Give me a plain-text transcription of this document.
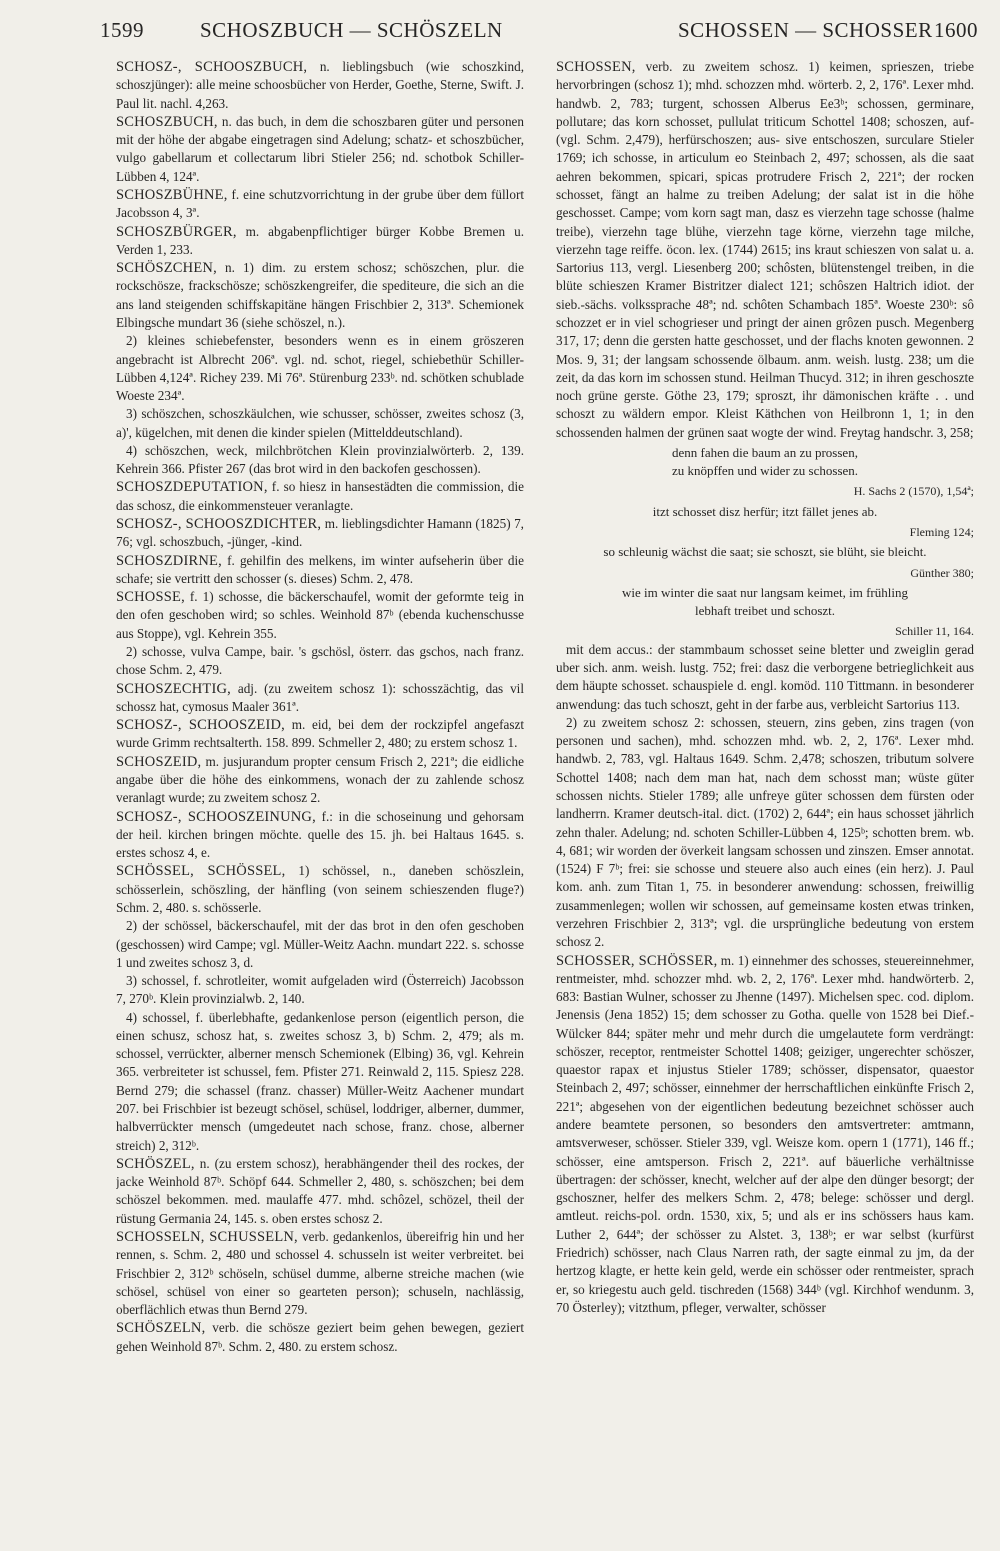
1599	SCHOSZBUCH — SCHÖSZELN	SCHOSSEN — SCHOSSER 1600

SCHOSZ-, SCHOOSZBUCH, n. lieblingsbuch (wie schoszkind, schoszjünger): alle meine schoosbücher von Herder, Goethe, Sterne, Swift. J. Paul lit. nachl. 4,263.

SCHOSZBUCH, n. das buch, in dem die schoszbaren güter und personen mit der höhe der abgabe eingetragen sind Adelung; schatz- et schoszbücher, vulgo gabellarum et collectarum libri Stieler 256; nd. schotbok Schiller-Lübben 4, 124ª.

SCHOSZBÜHNE, f. eine schutzvorrichtung in der grube über dem füllort Jacobsson 4, 3ª.

SCHOSZBÜRGER, m. abgabenpflichtiger bürger Kobbe Bremen u. Verden 1, 233.

SCHÖSZCHEN, n. 1) dim. zu erstem schosz; schöszchen, plur. die rockschösze, frackschösze; schöszkengreifer, die spediteure, die sich an die ans land steigenden schiffskapitäne hängen Frischbier 2, 313ª. Schemionek Elbingsche mundart 36 (siehe schöszel, n.).

2) kleines schiebefenster, besonders wenn es in einem gröszeren angebracht ist Albrecht 206ª. vgl. nd. schot, riegel, schiebethür Schiller-Lübben 4,124ª. Richey 239. Mi 76ª. Stürenburg 233ᵇ. nd. schötken schublade Woeste 234ª.

3) schöszchen, schoszkäulchen, wie schusser, schösser, zweites schosz (3, a)', kügelchen, mit denen die kinder spielen (Mittelddeutschland).

4) schöszchen, weck, milchbrötchen Klein provinzialwörterb. 2, 139. Kehrein 366. Pfister 267 (das brot wird in den backofen geschossen).

SCHOSZDEPUTATION, f. so hiesz in hansestädten die commission, die das schosz, die einkommensteuer veranlagte.

SCHOSZ-, SCHOOSZDICHTER, m. lieblingsdichter Hamann (1825) 7, 76; vgl. schoszbuch, -jünger, -kind.

SCHOSZDIRNE, f. gehilfin des melkens, im winter aufseherin über die schafe; sie vertritt den schosser (s. dieses) Schm. 2, 478.

SCHOSSE, f. 1) schosse, die bäckerschaufel, womit der geformte teig in den ofen geschoben wird; so schles. Weinhold 87ᵇ (ebenda kuchenschusse aus Stoppe), vgl. Kehrein 355.

2) schosse, vulva Campe, bair. 's gschösl, österr. das gschos, nach franz. chose Schm. 2, 479.

SCHOSZECHTIG, adj. (zu zweitem schosz 1): schosszächtig, das vil schossz hat, cymosus Maaler 361ª.

SCHOSZ-, SCHOOSZEID, m. eid, bei dem der rockzipfel angefaszt wurde Grimm rechtsalterth. 158. 899. Schmeller 2, 480; zu erstem schosz 1.

SCHOSZEID, m. jusjurandum propter censum Frisch 2, 221ª; die eidliche angabe über die höhe des einkommens, wonach der zu zahlende schosz veranlagt wurde; zu zweitem schosz 2.

SCHOSZ-, SCHOOSZEINUNG, f.: in die schoseinung und gehorsam der heil. kirchen bringen möchte. quelle des 15. jh. bei Haltaus 1645. s. erstes schosz 4, e.

SCHÖSSEL, SCHÖSSEL, 1) schössel, n., daneben schöszlein, schösserlein, schöszling, der hänfling (von seinem schieszenden fluge?) Schm. 2, 480. s. schösserle.

2) der schössel, bäckerschaufel, mit der das brot in den ofen geschoben (geschossen) wird Campe; vgl. Müller-Weitz Aachn. mundart 222. s. schosse 1 und zweites schosz 3, d.

3) schossel, f. schrotleiter, womit aufgeladen wird (Österreich) Jacobsson 7, 270ᵇ. Klein provinzialwb. 2, 140.

4) schossel, f. überlebhafte, gedankenlose person (eigentlich person, die einen schusz, schosz hat, s. zweites schosz 3, b) Schm. 2, 479; als m. schossel, verrückter, alberner mensch Schemionek (Elbing) 36, vgl. Kehrein 365. verbreiteter ist schussel, fem. Pfister 271. Reinwald 2, 115. Spiesz 228. Bernd 279; die schassel (franz. chasser) Müller-Weitz Aachener mundart 207. bei Frischbier ist bezeugt schösel, schüsel, loddriger, alberner, dummer, halbverrückter mensch (umgedeutet nach schose, franz. chose, alberner streich) 2, 312ᵇ.

SCHÖSZEL, n. (zu erstem schosz), herabhängender theil des rockes, der jacke Weinhold 87ᵇ. Schöpf 644. Schmeller 2, 480, s. schöszchen; bei dem schöszel bekommen. med. maulaffe 477. mhd. schôzel, schözel, theil der rüstung Germania 24, 145. s. oben erstes schosz 2.

SCHOSSELN, SCHUSSELN, verb. gedankenlos, übereifrig hin und her rennen, s. Schm. 2, 480 und schossel 4. schusseln ist weiter verbreitet. bei Frischbier 2, 312ᵇ schöseln, schüsel dumme, alberne streiche machen (wie schösel, schüsel von einer so gearteten person); schuseln, nachlässig, oberflächlich etwas thun Bernd 279.

SCHÖSZELN, verb. die schösze geziert beim gehen bewegen, geziert gehen Weinhold 87ᵇ. Schm. 2, 480. zu erstem schosz.

SCHOSSEN, verb. zu zweitem schosz. 1) keimen, sprieszen, triebe hervorbringen (schosz 1); mhd. schozzen mhd. wörterb. 2, 2, 176ª. Lexer mhd. handwb. 2, 783; turgent, schossen Alberus Ee3ᵇ; schossen, germinare, pollutare; das korn schosset, pullulat triticum Schottel 1408; schoszen, auf- (vgl. Schm. 2,479), herfürschoszen; aus- sive entschoszen, surculare Stieler 1769; ich schosse, in articulum eo Steinbach 2, 497; schossen, als die saat aehren bekommen, spicari, spicas protrudere Frisch 2, 221ª; der rocken schosset, fängt an halme zu treiben Adelung; der salat ist in die höhe geschosset. Campe; vom korn sagt man, dasz es vierzehn tage schosse (halme treibe), vierzehn tage blühe, vierzehn tage körne, vierzehn tage milche, vierzehn tage reiffe. öcon. lex. (1744) 2615; ins kraut schieszen von salat u. a. Sartorius 113, vergl. Liesenberg 200; schôsten, blütenstengel treiben, in die blüte schieszen Kramer Bistritzer dialect 121; schôszen Haltrich idiot. der sieb.-sächs. volkssprache 48ª; nd. schôten Schambach 185ª. Woeste 230ᵇ: sô schozzet er in viel schogrieser und pringt der ainen grôzen pusch. Megenberg 317, 17; denn die gersten hatte geschosset, und der flachs knoten gewonnen. 2 Mos. 9, 31; der langsam schossende ölbaum. anm. weish. lustg. 238; um die zeit, da das korn im schossen stund. Heilman Thucyd. 312; in ihren geschoszte noch grüne gerste. Göthe 23, 179; sproszt, ihr dämonischen kräfte . . und schoszt zu wäldern empor. Kleist Käthchen von Heilbronn 1, 1; in den schossenden halmen der grünen saat wogte der wind. Freytag handschr. 3, 258;

denn fahen die baum an zu prossen,
zu knöpffen und wider zu schossen.
H. Sachs 2 (1570), 1,54ª;
itzt schosset disz herfür; itzt fället jenes ab.
Fleming 124;
so schleunig wächst die saat; sie schoszt, sie blüht, sie bleicht.
Günther 380;
wie im winter die saat nur langsam keimet, im frühling
lebhaft treibet und schoszt.
Schiller 11, 164.

mit dem accus.: der stammbaum schosset seine bletter und zweiglin gerad uber sich. anm. weish. lustg. 752; frei: dasz die verborgene betrieglichkeit aus dem häupte schosset. schauspiele d. engl. komöd. 110 Tittmann. in besonderer anwendung: das tuch schoszt, geht in der farbe aus, verbleicht Sartorius 113.

2) zu zweitem schosz 2: schossen, steuern, zins geben, zins tragen (von personen und sachen), mhd. schozzen mhd. wb. 2, 2, 176ª. Lexer mhd. handwb. 2, 783, vgl. Haltaus 1649. Schm. 2,478; schoszen, tributum solvere Schottel 1408; nach dem man hat, nach dem schosst man; wüste güter schossen nichts. Stieler 1789; alle unfreye güter schossen dem fürsten oder landherrn. Kramer deutsch-ital. dict. (1702) 2, 644ª; ein haus schosset jährlich zehn thaler. Adelung; nd. schoten Schiller-Lübben 4, 125ᵇ; schotten brem. wb. 4, 681; wir worden der överkeit langsam schossen und zinszen. Emser annotat. (1524) F 7ᵇ; frei: sie schosse und steuere also auch eines (ein herz). J. Paul kom. anh. zum Titan 1, 75. in besonderer anwendung: schossen, freiwillig zusammenlegen; wollen wir schossen, auf gemeinsame kosten etwas trinken, verzehren Frischbier 2, 313ª; vgl. die ursprüngliche bedeutung von erstem schosz 2.

SCHOSSER, SCHÖSSER, m. 1) einnehmer des schosses, steuereinnehmer, rentmeister, mhd. schozzer mhd. wb. 2, 2, 176ª. Lexer mhd. handwörterb. 2, 683: Bastian Wulner, schosser zu Jhenne (1497). Michelsen spec. cod. diplom. Jenensis (Jena 1852) 15; dem schosser zu Gotha. quelle von 1528 bei Dief.-Wülcker 844; später mehr und mehr durch die umgelautete form verdrängt: schöszer, receptor, rentmeister Schottel 1408; geiziger, ungerechter schöszer, quaestor rapax et injustus Stieler 1789; schösser, dispensator, quaestor Steinbach 2, 497; schösser, einnehmer der herrschaftlichen einkünfte Frisch 2, 221ª; abgesehen von der eigentlichen bedeutung bezeichnet schösser auch andere beamtete personen, so besonders den amtsvertreter: amtmann, amtsverweser, schösser. Stieler 339, vgl. Weisze kom. opern 1 (1771), 146 ff.; schösser, eine amtsperson. Frisch 2, 221ª. auf bäuerliche verhältnisse übertragen: der schösser, knecht, welcher auf der alpe den dünger besorgt; der gschoszner, helfer des melkers Schm. 2, 478; belege: schösser und dergl. amtleut. reichs-pol. ordn. 1530, xix, 5; und als er ins schössers haus kam. Luther 2, 644ª; der schösser zu Alstet. 3, 138ᵇ; er war selbst (kurfürst Friedrich) schösser, nach Claus Narren rath, der sagte einmal zu jm, da der hertzog klagte, er hette kein geld, werde ein schösser oder rentmeister, sprach er, so kriegestu auch geld. tischreden (1568) 344ᵇ (vgl. Kirchhof wendunm. 3, 70 Österley); vitzthum, pfleger, verwalter, schösser
